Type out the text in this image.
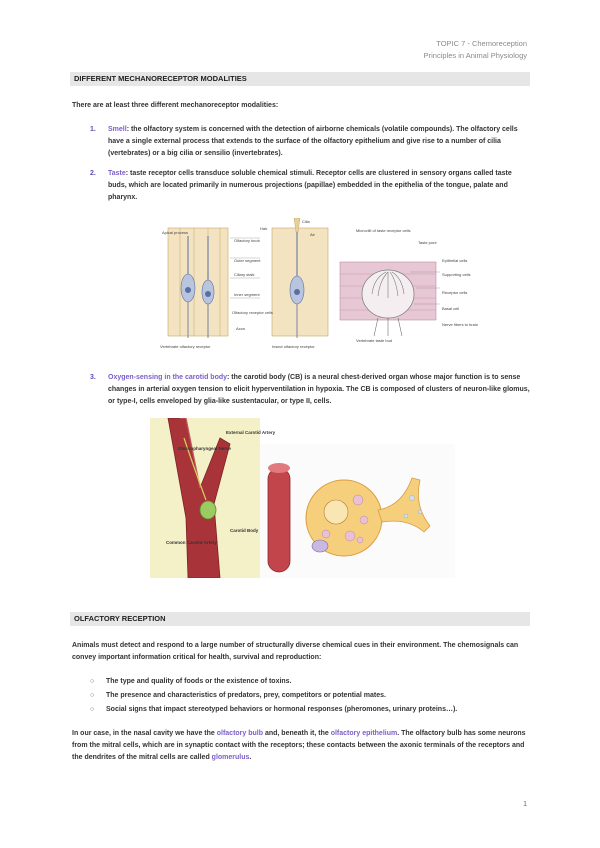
TOPIC 7 - Chemoreception
Principles in Animal Physiology
DIFFERENT MECHANORECEPTOR MODALITIES
There are at least three different mechanoreceptor modalities:
1. Smell: the olfactory system is concerned with the detection of airborne chemicals (volatile compounds). The olfactory cells have a single external process that extends to the surface of the olfactory epithelium and give rise to a number of cilia (vertebrates) or a big cilia or sensilio (invertebrates).
2. Taste: taste receptor cells transduce soluble chemical stimuli. Receptor cells are clustered in sensory organs called taste buds, which are located primarily in numerous projections (papillae) embedded in the epithelia of the tongue, palate and pharynx.
Cilia
Hair
Air
Apical process
Olfactory knob
Outer segment
Ciliary stalk
Inner segment
Olfactory receptor cells
Axon
Vertebrate olfactory receptor	Insect olfactory receptor
Microvilli of taste receptor cells
Taste pore
Epithelial cells
Supporting cells
Receptor cells
Basal cell
Nerve fibers to brain
Vertebrate taste bud
3. Oxygen-sensing in the carotid body: the carotid body (CB) is a neural chest-derived organ whose major function is to sense changes in arterial oxygen tension to elicit hyperventilation in hypoxia. The CB is composed of clusters of neuron-like glomus, or type-I, cells enveloped by glia-like sustentacular, or type II, cells.
External Carotid Artery
Glossopharyngeal Nerve
Carotid Body
Common Carotid Artery
OLFACTORY RECEPTION
Animals must detect and respond to a large number of structurally diverse chemical cues in their environment. The chemosignals can convey important information critical for health, survival and reproduction:
○ The type and quality of foods or the existence of toxins.
○ The presence and characteristics of predators, prey, competitors or potential mates.
○ Social signs that impact stereotyped behaviors or hormonal responses (pheromones, urinary proteins…).
In our case, in the nasal cavity we have the olfactory bulb and, beneath it, the olfactory epithelium. The olfactory bulb has some neurons from the mitral cells, which are in synaptic contact with the receptors; these contacts between the axonic terminals of the receptors and the dendrites of the mitral cells are called glomerulus.
1
